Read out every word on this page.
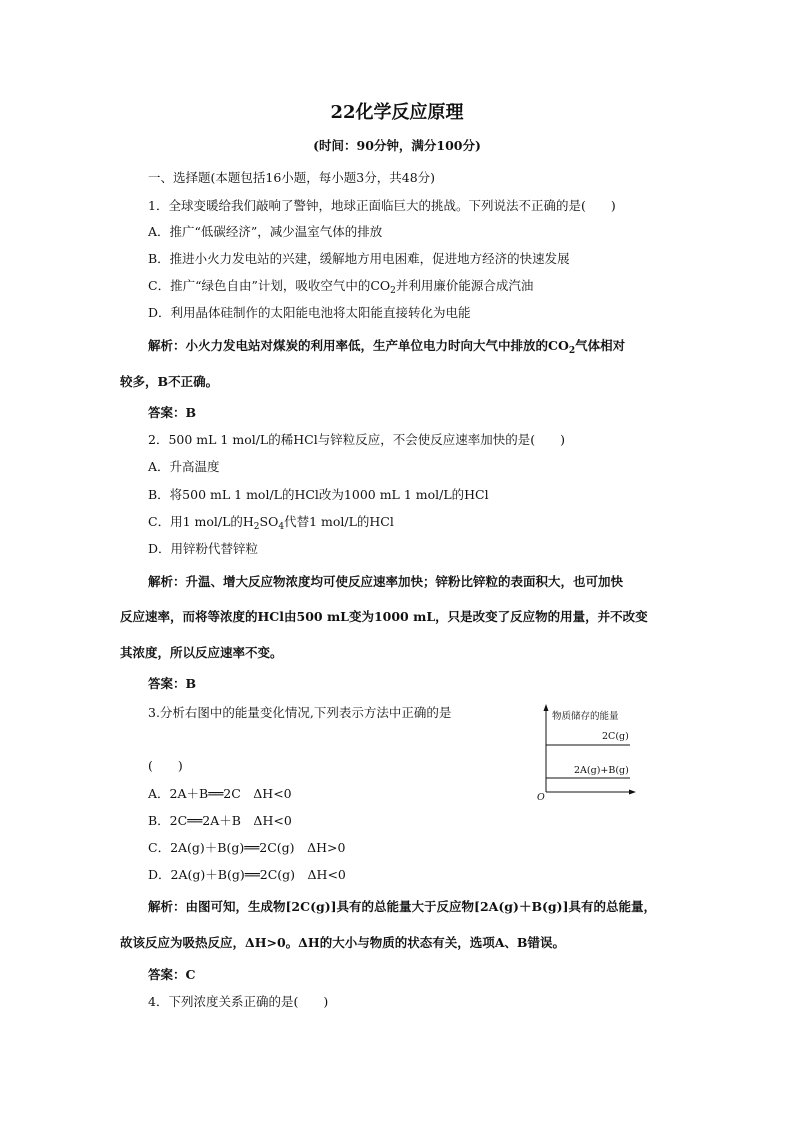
22化学反应原理
(时间：90分钟，满分100分)
一、选择题(本题包括16小题，每小题3分，共48分)
1．全球变暖给我们敲响了警钟，地球正面临巨大的挑战。下列说法不正确的是(　　)
A．推广“低碳经济”，减少温室气体的排放
B．推进小火力发电站的兴建，缓解地方用电困难，促进地方经济的快速发展
C．推广“绿色自由”计划，吸收空气中的$CO_2$并利用廉价能源合成汽油
D．利用晶体硅制作的太阳能电池将太阳能直接转化为电能
解析：小火力发电站对煤炭的利用率低，生产单位电力时向大气中排放的$CO_2$气体相对
较多，B不正确。
答案：B
2．500 mL 1 mol/L的稀HCl与锌粒反应，不会使反应速率加快的是(　　)
A．升高温度
B．将500 mL 1 mol/L的HCl改为1000 mL 1 mol/L的HCl
C．用1 mol/L的$H_2SO_4$代替1 mol/L的HCl
D．用锌粉代替锌粒
解析：升温、增大反应物浓度均可使反应速率加快；锌粉比锌粒的表面积大，也可加快
反应速率，而将等浓度的HCl由500 mL变为1000 mL，只是改变了反应物的用量，并不改变
其浓度，所以反应速率不变。
答案：B
3.分析右图中的能量变化情况,下列表示方法中正确的是
(　　)
A．2A＋B══2C　ΔH<0
B．2C══2A＋B　ΔH<0
C．2A(g)＋B(g)══2C(g)　ΔH>0
D．2A(g)＋B(g)══2C(g)　ΔH<0
解析：由图可知，生成物[2C(g)]具有的总能量大于反应物[2A(g)＋B(g)]具有的总能量，
故该反应为吸热反应，ΔH>0。ΔH的大小与物质的状态有关，选项A、B错误。
答案：C
4．下列浓度关系正确的是(　　)
物质储存的能量
2C(g)
2A(g)+B(g)
O
